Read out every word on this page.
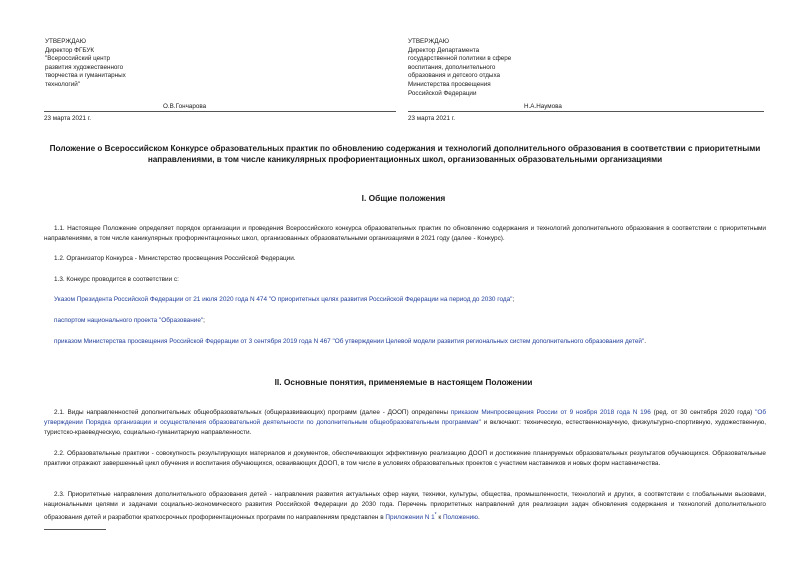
УТВЕРЖДАЮ
Директор ФГБУК
"Всероссийский центр
развития художественного
творчества и гуманитарных
технологий"
О.В.Гончарова
23 марта 2021 г.
УТВЕРЖДАЮ
Директор Департамента
государственной политики в сфере
воспитания, дополнительного
образования и детского отдыха
Министерства просвещения
Российской Федерации
Н.А.Наумова
23 марта 2021 г.
Положение о Всероссийском Конкурсе образовательных практик по обновлению содержания и технологий дополнительного образования в соответствии с приоритетными направлениями, в том числе каникулярных профориентационных школ, организованных образовательными организациями
I. Общие положения
1.1. Настоящее Положение определяет порядок организации и проведения Всероссийского конкурса образовательных практик по обновлению содержания и технологий дополнительного образования в соответствии с приоритетными направлениями, в том числе каникулярных профориентационных школ, организованных образовательными организациями в 2021 году (далее - Конкурс).
1.2. Организатор Конкурса - Министерство просвещения Российской Федерации.
1.3. Конкурс проводится в соответствии с:
Указом Президента Российской Федерации от 21 июля 2020 года N 474 "О приоритетных целях развития Российской Федерации на период до 2030 года";
паспортом национального проекта "Образование";
приказом Министерства просвещения Российской Федерации от 3 сентября 2019 года N 467 "Об утверждении Целевой модели развития региональных систем дополнительного образования детей".
II. Основные понятия, применяемые в настоящем Положении
2.1. Виды направленностей дополнительных общеобразовательных (общеразвивающих) программ (далее - ДООП) определены приказом Минпросвещения России от 9 ноября 2018 года N 196 (ред. от 30 сентября 2020 года) "Об утверждении Порядка организации и осуществления образовательной деятельности по дополнительным общеобразовательным программам" и включают: техническую, естественнонаучную, физкультурно-спортивную, художественную, туристско-краеведческую, социально-гуманитарную направленности.
2.2. Образовательные практики - совокупность результирующих материалов и документов, обеспечивающих эффективную реализацию ДООП и достижение планируемых образовательных результатов обучающихся. Образовательные практики отражают завершенный цикл обучения и воспитания обучающихся, осваивающих ДООП, в том числе в условиях образовательных проектов с участием наставников и новых форм наставничества.
2.3. Приоритетные направления дополнительного образования детей - направления развития актуальных сфер науки, техники, культуры, общества, промышленности, технологий и других, в соответствии с глобальными вызовами, национальными целями и задачами социально-экономического развития Российской Федерации до 2030 года. Перечень приоритетных направлений для реализации задач обновления содержания и технологий дополнительного образования детей и разработки краткосрочных профориентационных программ по направлениям представлен в Приложении N 1* к Положению.
